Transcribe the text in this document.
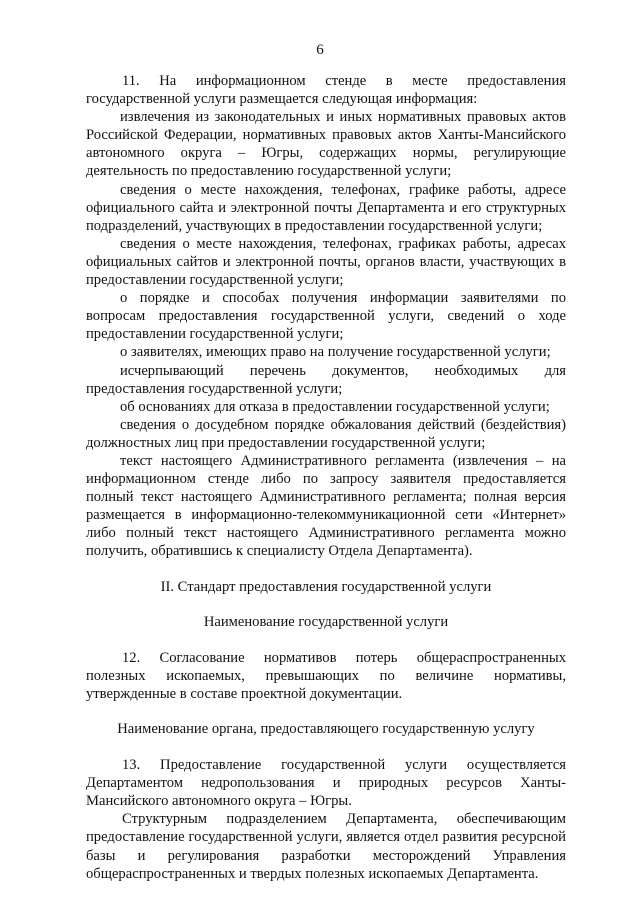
6

11. На информационном стенде в месте предоставления государственной услуги размещается следующая информация:

извлечения из законодательных и иных нормативных правовых актов Российской Федерации, нормативных правовых актов Ханты-Мансийского автономного округа – Югры, содержащих нормы, регулирующие деятельность по предоставлению государственной услуги;

сведения о месте нахождения, телефонах, графике работы, адресе официального сайта и электронной почты Департамента и его структурных подразделений, участвующих в предоставлении государственной услуги;

сведения о месте нахождения, телефонах, графиках работы, адресах официальных сайтов и электронной почты, органов власти, участвующих в предоставлении государственной услуги;

о порядке и способах получения информации заявителями по вопросам предоставления государственной услуги, сведений о ходе предоставлении государственной услуги;

о заявителях, имеющих право на получение государственной услуги;

исчерпывающий перечень документов, необходимых для предоставления государственной услуги;

об основаниях для отказа в предоставлении государственной услуги;

сведения о досудебном порядке обжалования действий (бездействия) должностных лиц при предоставлении государственной услуги;

текст настоящего Административного регламента (извлечения – на информационном стенде либо по запросу заявителя предоставляется полный текст настоящего Административного регламента; полная версия размещается в информационно-телекоммуникационной сети «Интернет» либо полный текст настоящего Административного регламента можно получить, обратившись к специалисту Отдела Департамента).

II. Стандарт предоставления государственной услуги

Наименование государственной услуги

12. Согласование нормативов потерь общераспространенных полезных ископаемых, превышающих по величине нормативы, утвержденные в составе проектной документации.

Наименование органа, предоставляющего государственную услугу

13. Предоставление государственной услуги осуществляется Департаментом недропользования и природных ресурсов Ханты-Мансийского автономного округа – Югры.

Структурным подразделением Департамента, обеспечивающим предоставление государственной услуги, является отдел развития ресурсной базы и регулирования разработки месторождений Управления общераспространенных и твердых полезных ископаемых Департамента.
